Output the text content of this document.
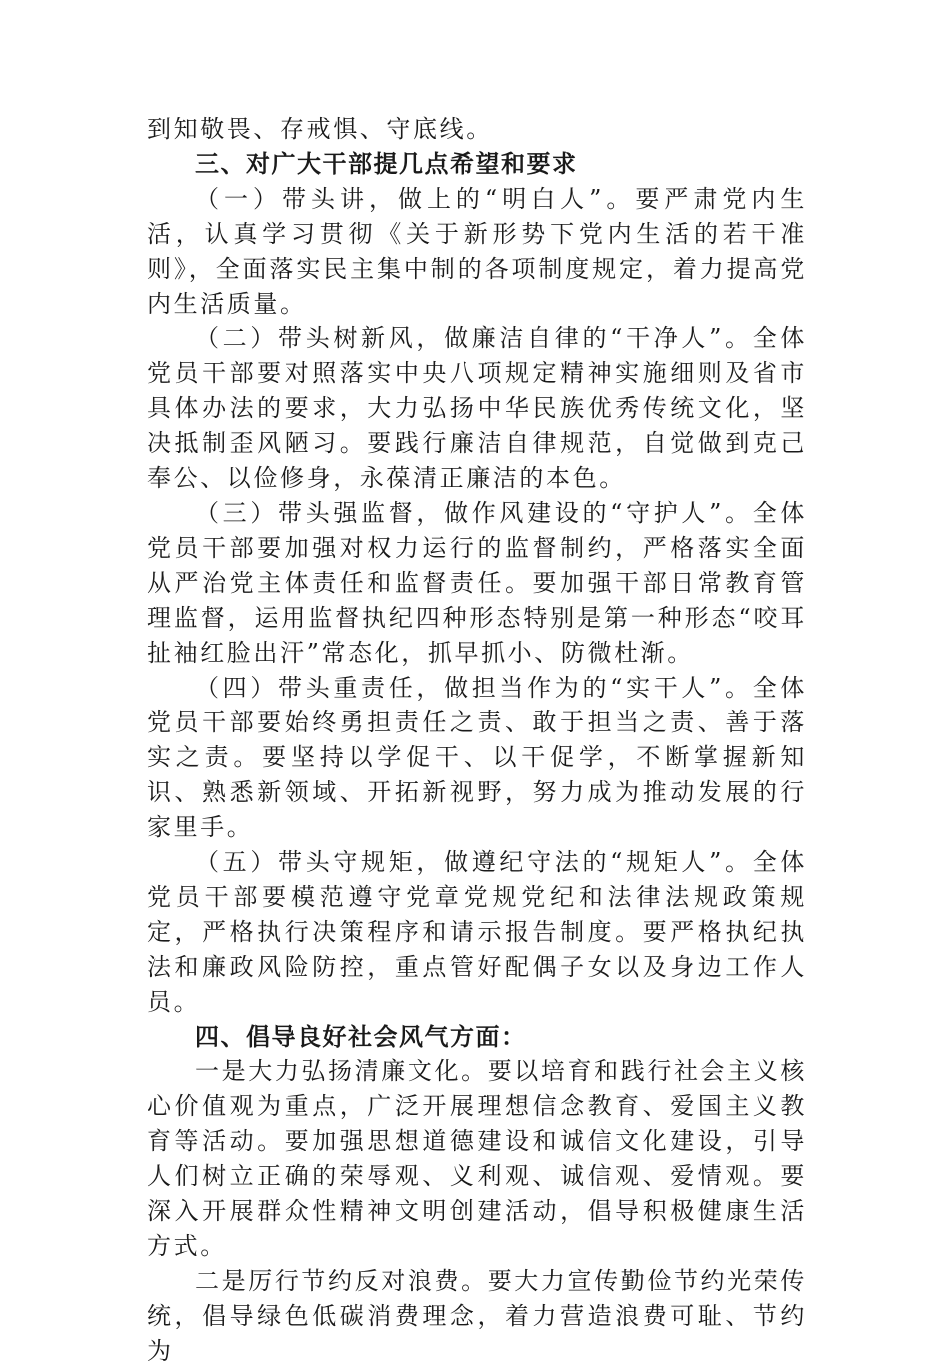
到知敬畏、存戒惧、守底线。

三、对广大干部提几点希望和要求

（一）带头讲，做上的“明白人”。要严肃党内生活，认真学习贯彻《关于新形势下党内生活的若干准则》，全面落实民主集中制的各项制度规定，着力提高党内生活质量。

（二）带头树新风，做廉洁自律的“干净人”。全体党员干部要对照落实中央八项规定精神实施细则及省市具体办法的要求，大力弘扬中华民族优秀传统文化，坚决抵制歪风陋习。要践行廉洁自律规范，自觉做到克己奉公、以俭修身，永葆清正廉洁的本色。

（三）带头强监督，做作风建设的“守护人”。全体党员干部要加强对权力运行的监督制约，严格落实全面从严治党主体责任和监督责任。要加强干部日常教育管理监督，运用监督执纪四种形态特别是第一种形态“咬耳扯袖红脸出汗”常态化，抓早抓小、防微杜渐。

（四）带头重责任，做担当作为的“实干人”。全体党员干部要始终勇担责任之责、敢于担当之责、善于落实之责。要坚持以学促干、以干促学，不断掌握新知识、熟悉新领域、开拓新视野，努力成为推动发展的行家里手。

（五）带头守规矩，做遵纪守法的“规矩人”。全体党员干部要模范遵守党章党规党纪和法律法规政策规定，严格执行决策程序和请示报告制度。要严格执纪执法和廉政风险防控，重点管好配偶子女以及身边工作人员。

四、倡导良好社会风气方面：

一是大力弘扬清廉文化。要以培育和践行社会主义核心价值观为重点，广泛开展理想信念教育、爱国主义教育等活动。要加强思想道德建设和诚信文化建设，引导人们树立正确的荣辱观、义利观、诚信观、爱情观。要深入开展群众性精神文明创建活动，倡导积极健康生活方式。

二是厉行节约反对浪费。要大力宣传勤俭节约光荣传统，倡导绿色低碳消费理念，着力营造浪费可耻、节约为
